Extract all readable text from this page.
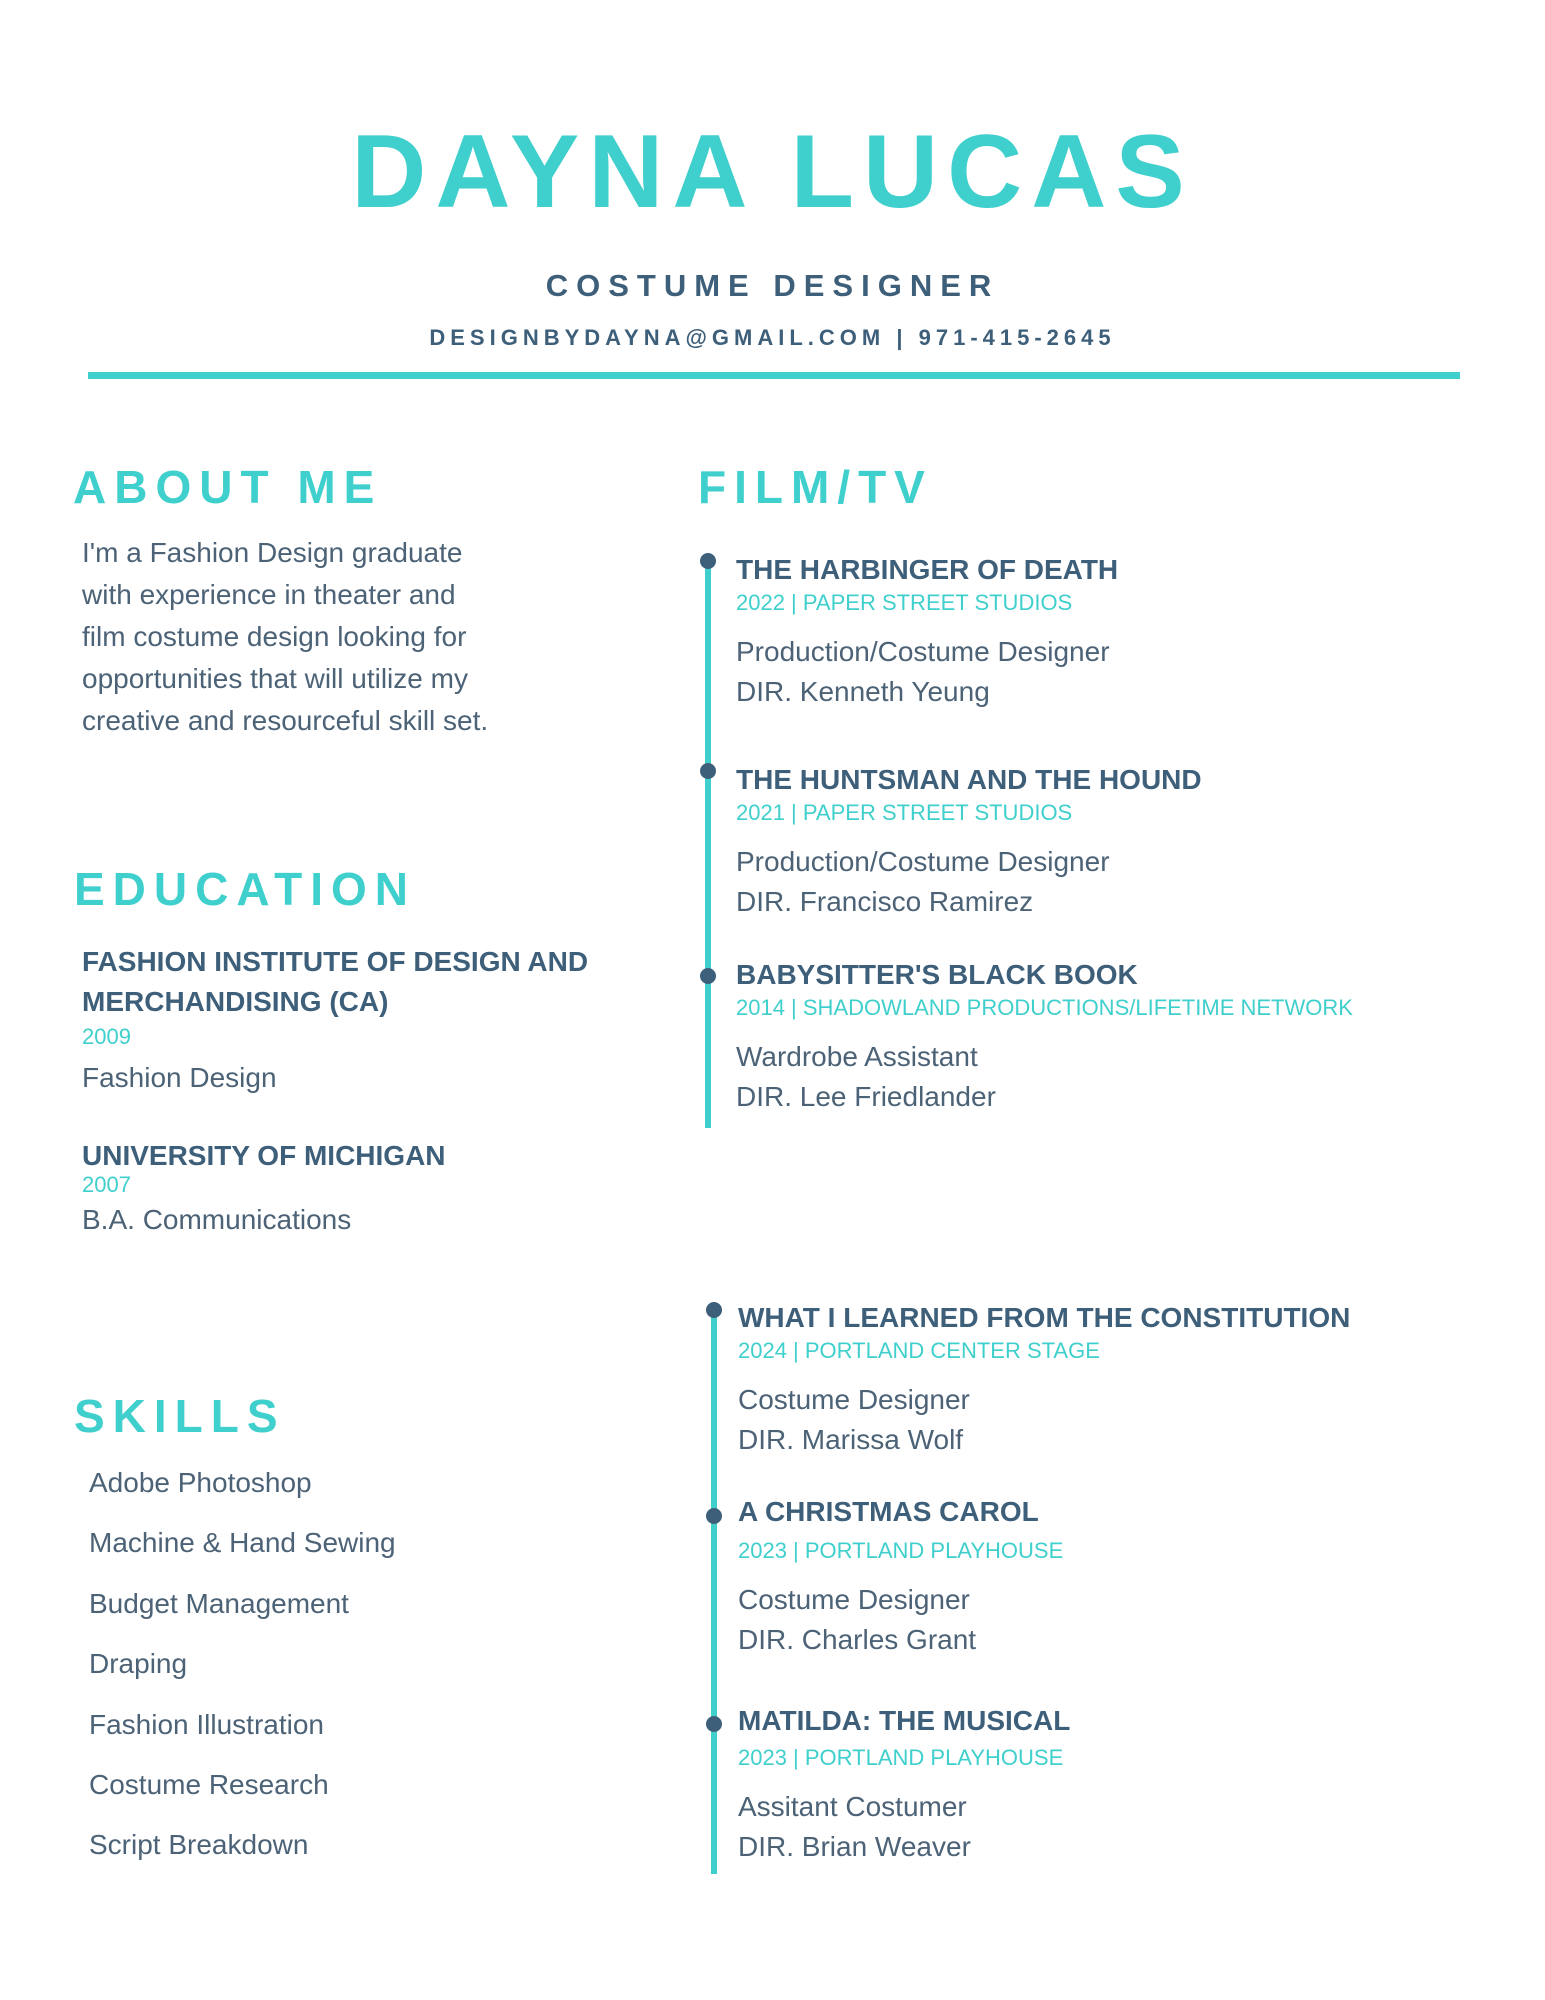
DAYNA LUCAS
COSTUME DESIGNER
DESIGNBYDAYNA@GMAIL.COM | 971-415-2645
ABOUT ME
I'm a Fashion Design graduate
with experience in theater and
film costume design looking for
opportunities that will utilize my
creative and resourceful skill set.
EDUCATION
FASHION INSTITUTE OF DESIGN AND
MERCHANDISING (CA)
2009
Fashion Design
UNIVERSITY OF MICHIGAN
2007
B.A. Communications
SKILLS
Adobe Photoshop
Machine & Hand Sewing
Budget Management
Draping
Fashion Illustration
Costume Research
Script Breakdown
FILM/TV
THE HARBINGER OF DEATH
2022 | PAPER STREET STUDIOS
Production/Costume Designer
DIR. Kenneth Yeung
THE HUNTSMAN AND THE HOUND
2021 | PAPER STREET STUDIOS
Production/Costume Designer
DIR. Francisco Ramirez
BABYSITTER'S BLACK BOOK
2014 | SHADOWLAND PRODUCTIONS/LIFETIME NETWORK
Wardrobe Assistant
DIR. Lee Friedlander
WHAT I LEARNED FROM THE CONSTITUTION
2024 | PORTLAND CENTER STAGE
Costume Designer
DIR. Marissa Wolf
A CHRISTMAS CAROL
2023 | PORTLAND PLAYHOUSE
Costume Designer
DIR. Charles Grant
MATILDA: THE MUSICAL
2023 | PORTLAND PLAYHOUSE
Assitant Costumer
DIR. Brian Weaver
